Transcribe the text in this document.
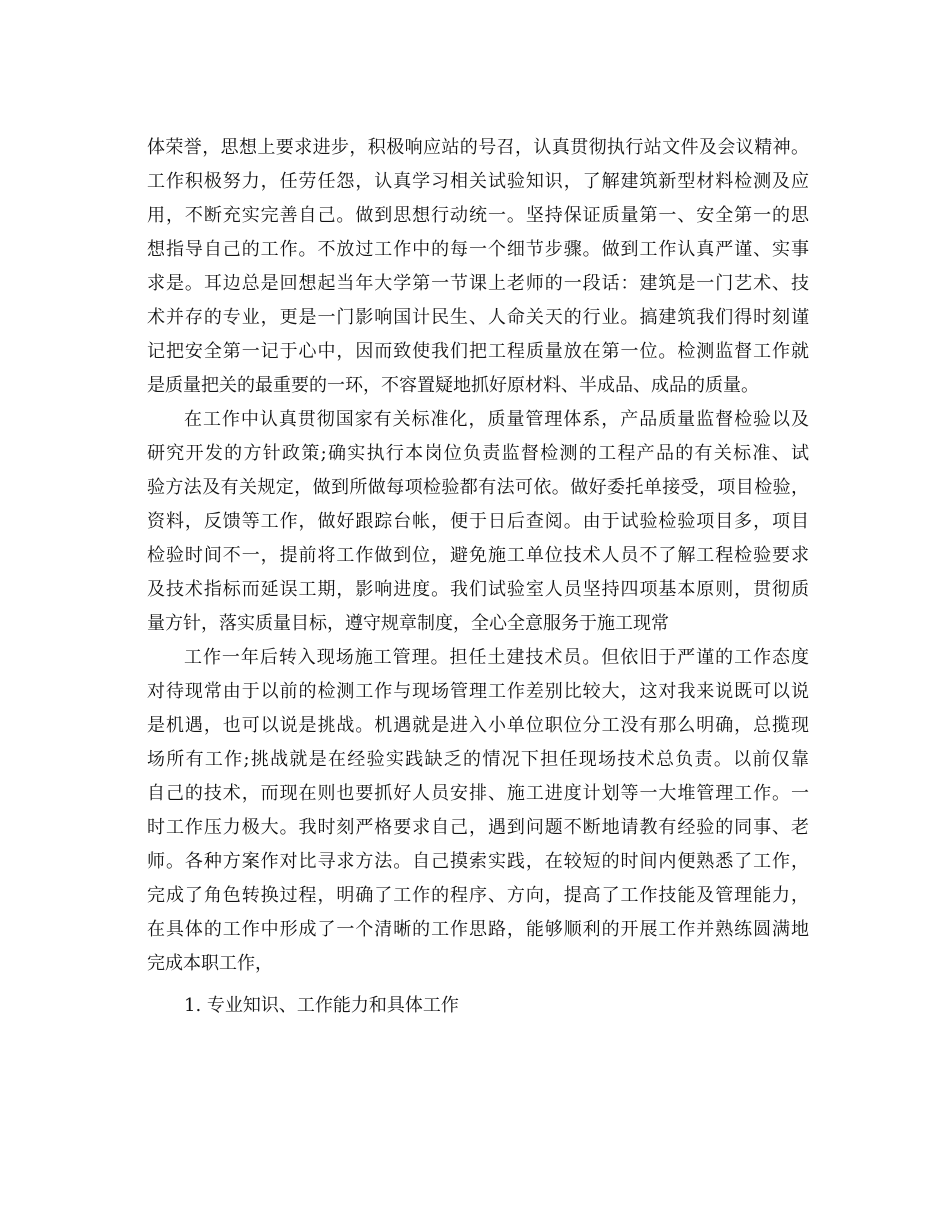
体荣誉，思想上要求进步，积极响应站的号召，认真贯彻执行站文件及会议精神。
工作积极努力，任劳任怨，认真学习相关试验知识，了解建筑新型材料检测及应
用，不断充实完善自己。做到思想行动统一。坚持保证质量第一、安全第一的思
想指导自己的工作。不放过工作中的每一个细节步骤。做到工作认真严谨、实事
求是。耳边总是回想起当年大学第一节课上老师的一段话：建筑是一门艺术、技
术并存的专业，更是一门影响国计民生、人命关天的行业。搞建筑我们得时刻谨
记把安全第一记于心中，因而致使我们把工程质量放在第一位。检测监督工作就
是质量把关的最重要的一环，不容置疑地抓好原材料、半成品、成品的质量。
在工作中认真贯彻国家有关标准化，质量管理体系，产品质量监督检验以及
研究开发的方针政策;确实执行本岗位负责监督检测的工程产品的有关标准、试
验方法及有关规定，做到所做每项检验都有法可依。做好委托单接受，项目检验，
资料，反馈等工作，做好跟踪台帐，便于日后查阅。由于试验检验项目多，项目
检验时间不一，提前将工作做到位，避免施工单位技术人员不了解工程检验要求
及技术指标而延误工期，影响进度。我们试验室人员坚持四项基本原则，贯彻质
量方针，落实质量目标，遵守规章制度，全心全意服务于施工现常
工作一年后转入现场施工管理。担任土建技术员。但依旧于严谨的工作态度
对待现常由于以前的检测工作与现场管理工作差别比较大，这对我来说既可以说
是机遇，也可以说是挑战。机遇就是进入小单位职位分工没有那么明确，总揽现
场所有工作;挑战就是在经验实践缺乏的情况下担任现场技术总负责。以前仅靠
自己的技术，而现在则也要抓好人员安排、施工进度计划等一大堆管理工作。一
时工作压力极大。我时刻严格要求自己，遇到问题不断地请教有经验的同事、老
师。各种方案作对比寻求方法。自己摸索实践，在较短的时间内便熟悉了工作，
完成了角色转换过程，明确了工作的程序、方向，提高了工作技能及管理能力，
在具体的工作中形成了一个清晰的工作思路，能够顺利的开展工作并熟练圆满地
完成本职工作，
1. 专业知识、工作能力和具体工作
